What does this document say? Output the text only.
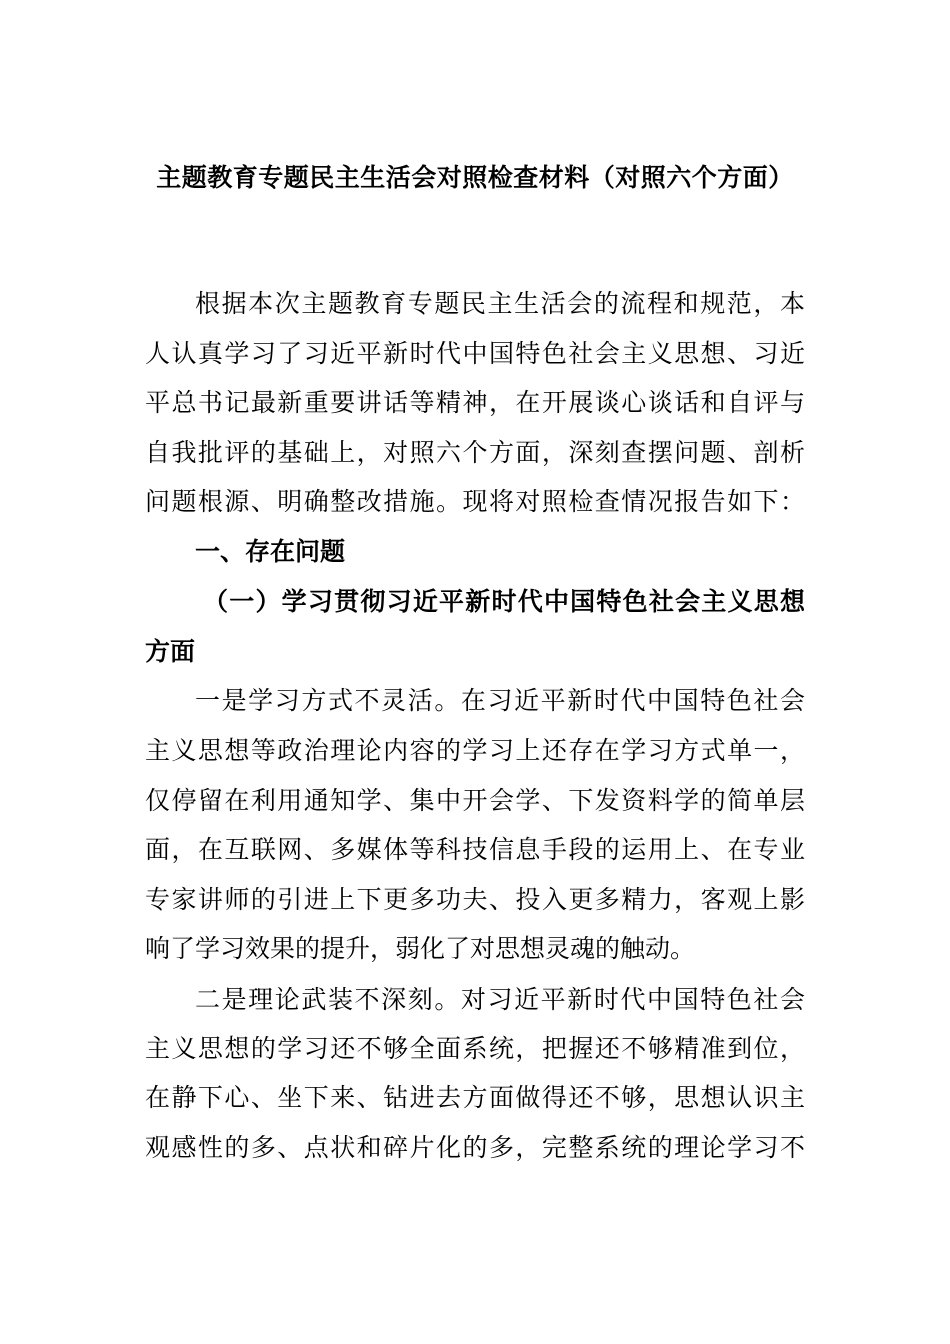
主题教育专题民主生活会对照检查材料（对照六个方面）
根据本次主题教育专题民主生活会的流程和规范，本
人认真学习了习近平新时代中国特色社会主义思想、习近
平总书记最新重要讲话等精神，在开展谈心谈话和自评与
自我批评的基础上，对照六个方面，深刻查摆问题、剖析
问题根源、明确整改措施。现将对照检查情况报告如下：
一、存在问题
（一）学习贯彻习近平新时代中国特色社会主义思想
方面
一是学习方式不灵活。在习近平新时代中国特色社会
主义思想等政治理论内容的学习上还存在学习方式单一，
仅停留在利用通知学、集中开会学、下发资料学的简单层
面，在互联网、多媒体等科技信息手段的运用上、在专业
专家讲师的引进上下更多功夫、投入更多精力，客观上影
响了学习效果的提升，弱化了对思想灵魂的触动。
二是理论武装不深刻。对习近平新时代中国特色社会
主义思想的学习还不够全面系统，把握还不够精准到位，
在静下心、坐下来、钻进去方面做得还不够，思想认识主
观感性的多、点状和碎片化的多，完整系统的理论学习不
